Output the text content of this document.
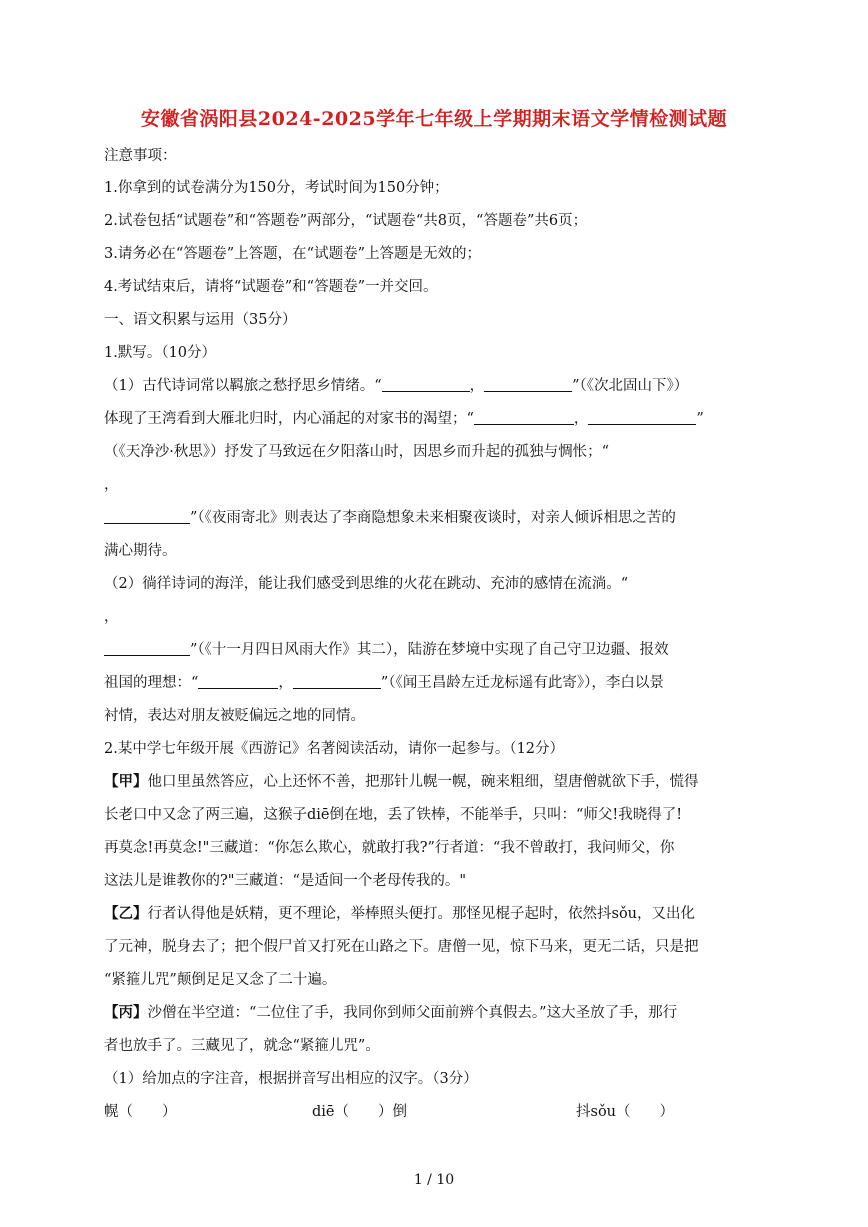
安徽省涡阳县2024-2025学年七年级上学期期末语文学情检测试题
注意事项：
1.你拿到的试卷满分为150分，考试时间为150分钟；
2.试卷包括“试题卷”和“答题卷”两部分，“试题卷“共8页，“答题卷”共6页；
3.请务必在“答题卷”上答题，在“试题卷”上答题是无效的；
4.考试结束后，请将“试题卷”和“答题卷”一并交回。
一、语文积累与运用（35分）
1.默写。（10分）
（1）古代诗词常以羁旅之愁抒思乡情绪。“	，	”（《次北固山下》）
体现了王湾看到大雁北归时，内心涌起的对家书的渴望；“	，	”
（《天净沙·秋思》）抒发了马致远在夕阳落山时，因思乡而升起的孤独与惆怅；“
，
”（《夜雨寄北》则表达了李商隐想象未来相聚夜谈时，对亲人倾诉相思之苦的
满心期待。
（2）徜徉诗词的海洋，能让我们感受到思维的火花在跳动、充沛的感情在流淌。“
，
”（《十一月四日风雨大作》其二），陆游在梦境中实现了自己守卫边疆、报效
祖国的理想：“	，	”（《闻王昌龄左迁龙标遥有此寄》），李白以景
衬情，表达对朋友被贬偏远之地的同情。
2.某中学七年级开展《西游记》名著阅读活动，请你一起参与。（12分）
【甲】他口里虽然答应，心上还怀不善，把那针儿幌一幌，碗来粗细，望唐僧就欲下手，慌得
长老口中又念了两三遍，这猴子diē倒在地，丢了铁棒，不能举手，只叫：“师父!我晓得了!
再莫念!再莫念!"三藏道：“你怎么欺心，就敢打我?”行者道：“我不曾敢打，我问师父，你
这法儿是谁教你的?"三藏道：“是适间一个老母传我的。"
【乙】行者认得他是妖精，更不理论，举棒照头便打。那怪见棍子起时，依然抖sǒu，又出化
了元神，脱身去了；把个假尸首又打死在山路之下。唐僧一见，惊下马来，更无二话，只是把
“紧箍儿咒”颠倒足足又念了二十遍。
【丙】沙僧在半空道：“二位住了手，我同你到师父面前辨个真假去。”这大圣放了手，那行
者也放手了。三藏见了，就念“紧箍儿咒”。
（1）给加点的字注音，根据拼音写出相应的汉字。（3分）
幌（　　）	diē（　　）倒	抖sǒu（　　）
1 / 10
